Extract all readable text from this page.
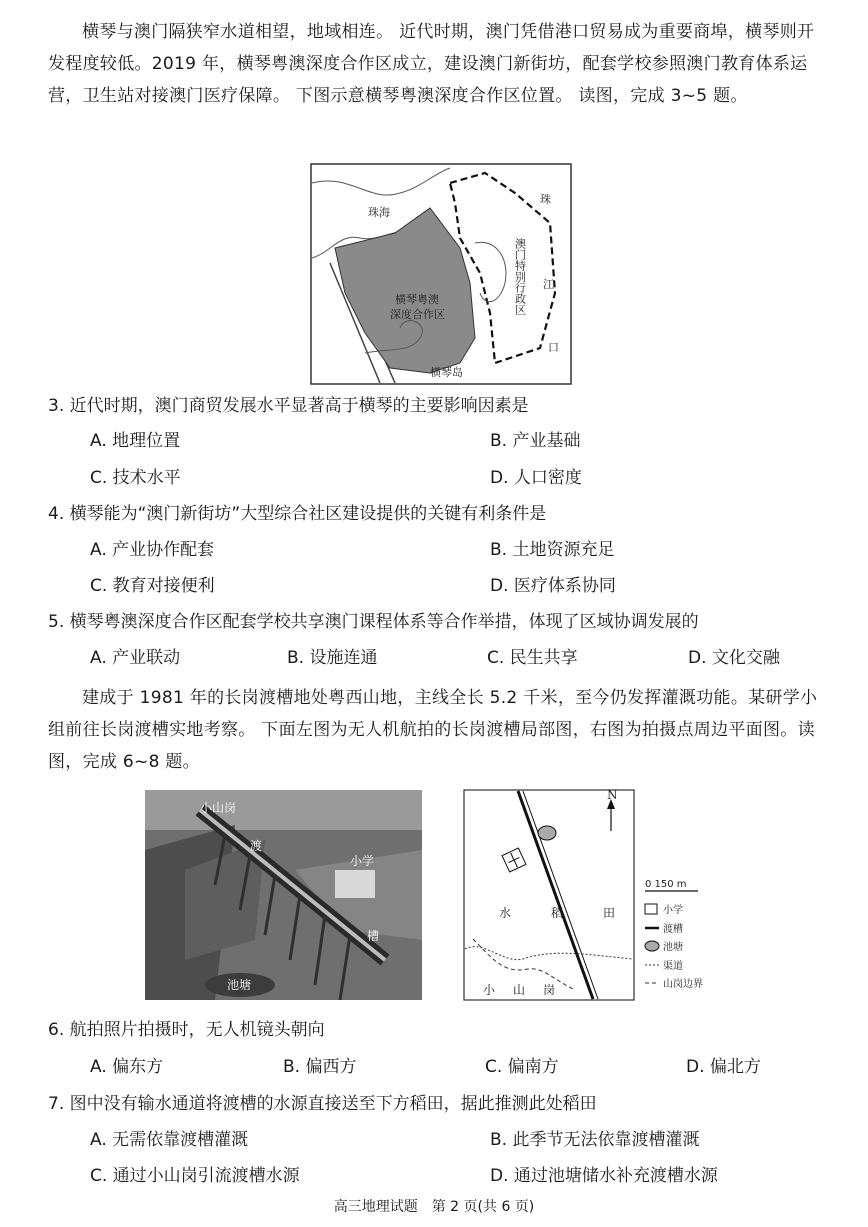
横琴与澳门隔狭窄水道相望，地域相连。 近代时期，澳门凭借港口贸易成为重要商埠，横琴则开发程度较低。2019 年，横琴粤澳深度合作区成立，建设澳门新街坊，配套学校参照澳门教育体系运营，卫生站对接澳门医疗保障。 下图示意横琴粤澳深度合作区位置。 读图，完成 3~5 题。
珠海
横琴粤澳
深度合作区
横琴岛
珠
江
口
澳门特别行政区
3. 近代时期，澳门商贸发展水平显著高于横琴的主要影响因素是
A. 地理位置	B. 产业基础
C. 技术水平	D. 人口密度
4. 横琴能为“澳门新街坊”大型综合社区建设提供的关键有利条件是
A. 产业协作配套	B. 土地资源充足
C. 教育对接便利	D. 医疗体系协同
5. 横琴粤澳深度合作区配套学校共享澳门课程体系等合作举措，体现了区域协调发展的
A. 产业联动	B. 设施连通	C. 民生共享	D. 文化交融
建成于 1981 年的长岗渡槽地处粤西山地，主线全长 5.2 千米，至今仍发挥灌溉功能。某研学小组前往长岗渡槽实地考察。 下面左图为无人机航拍的长岗渡槽局部图，右图为拍摄点周边平面图。读图，完成 6~8 题。
小山岗
渡
小学
槽
池塘
N
水	稻	田
小 山 岗
0 150 m
小学
渡槽
池塘
渠道
山岗边界
6. 航拍照片拍摄时，无人机镜头朝向
A. 偏东方	B. 偏西方	C. 偏南方	D. 偏北方
7. 图中没有输水通道将渡槽的水源直接送至下方稻田，据此推测此处稻田
A. 无需依靠渡槽灌溉	B. 此季节无法依靠渡槽灌溉
C. 通过小山岗引流渡槽水源	D. 通过池塘储水补充渡槽水源
高三地理试题　第 2 页(共 6 页)
